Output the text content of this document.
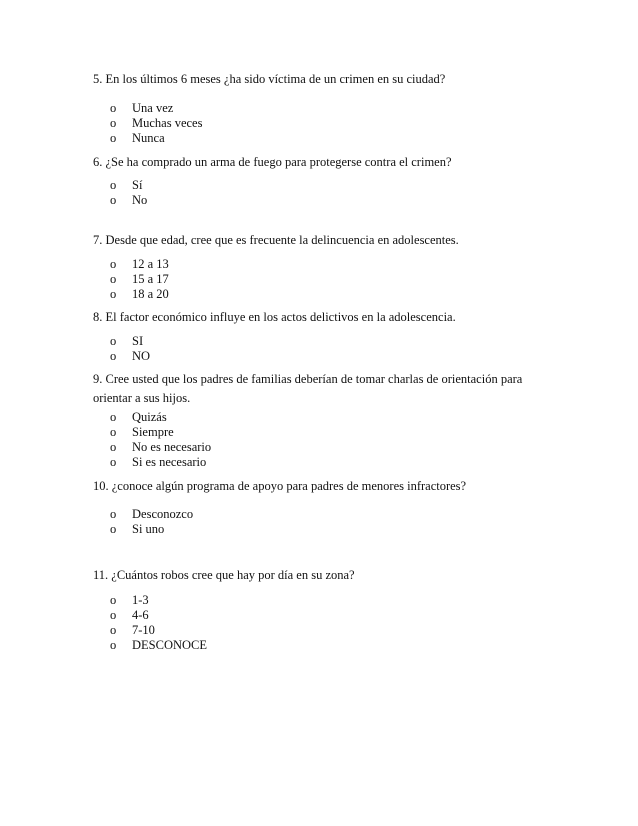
5. En los últimos 6 meses ¿ha sido víctima de un crimen en su ciudad?
o Una vez
o Muchas veces
o Nunca
6. ¿Se ha comprado un arma de fuego para protegerse contra el crimen?
o Sí
o No
7. Desde que edad, cree que es frecuente la delincuencia en adolescentes.
o 12 a 13
o 15 a 17
o 18 a 20
8. El factor económico influye en los actos delictivos en la adolescencia.
o SI
o NO
9. Cree usted que los padres de familias deberían de tomar charlas de orientación para orientar a sus hijos.
o Quizás
o Siempre
o No es necesario
o Si es necesario
10. ¿conoce algún programa de apoyo para padres de menores infractores?
o Desconozco
o Si uno
11. ¿Cuántos robos cree que hay por día en su zona?
o 1-3
o 4-6
o 7-10
o DESCONOCE
